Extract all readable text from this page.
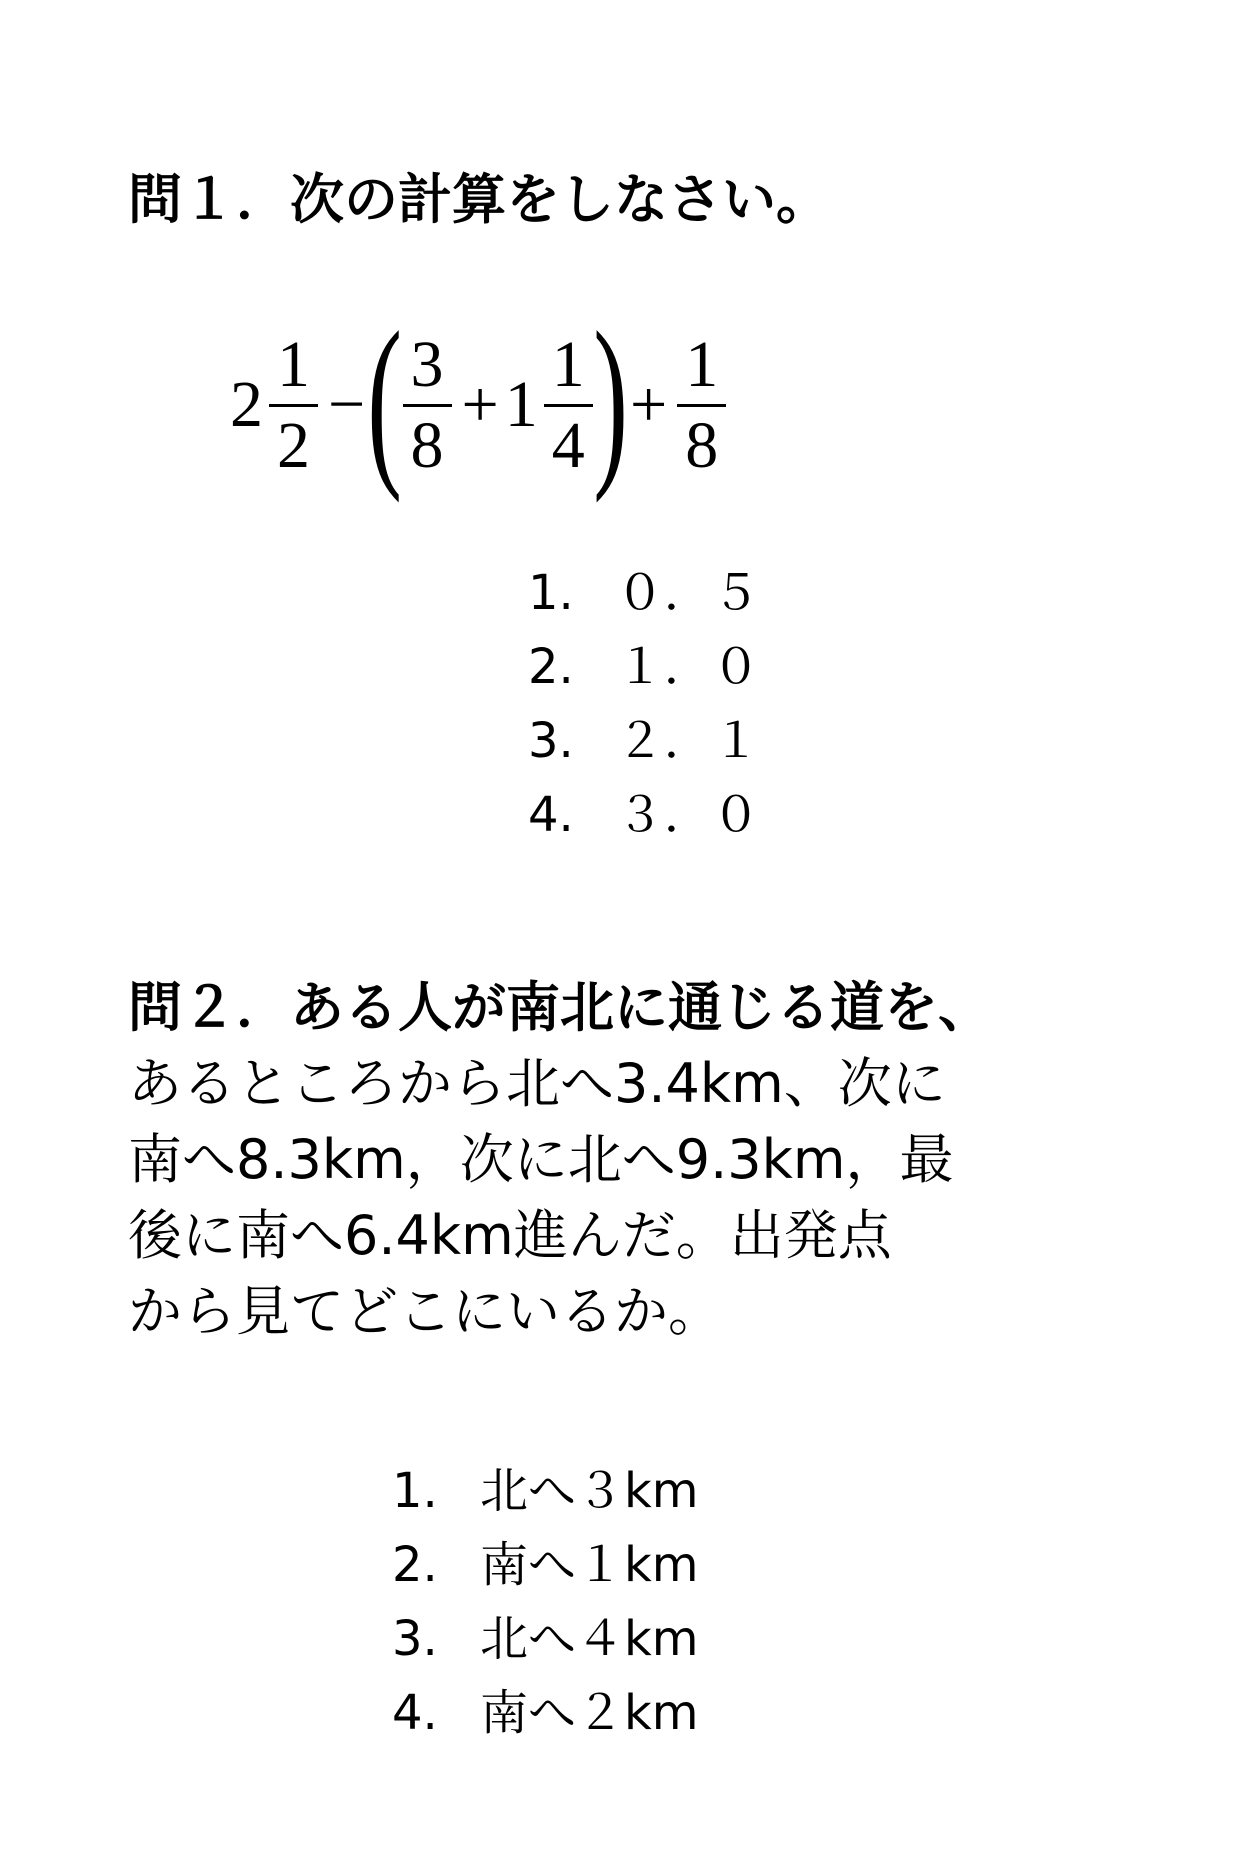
問１．次の計算をしなさい。
$2 \frac{1}{2}$ − ( $\frac{3}{8} + 1 \frac{1}{4}$ ) + $\frac{1}{8}$
1. ０．５
2. １．０
3. ２．１
4. ３．０
問２．ある人が南北に通じる道を、

あるところから北へ3.4km、次に
南へ8.3km，次に北へ9.3km，最
後に南へ6.4km進んだ。出発点
から見てどこにいるか。

1. 北へ３km
2. 南へ１km
3. 北へ４km
4. 南へ２km
